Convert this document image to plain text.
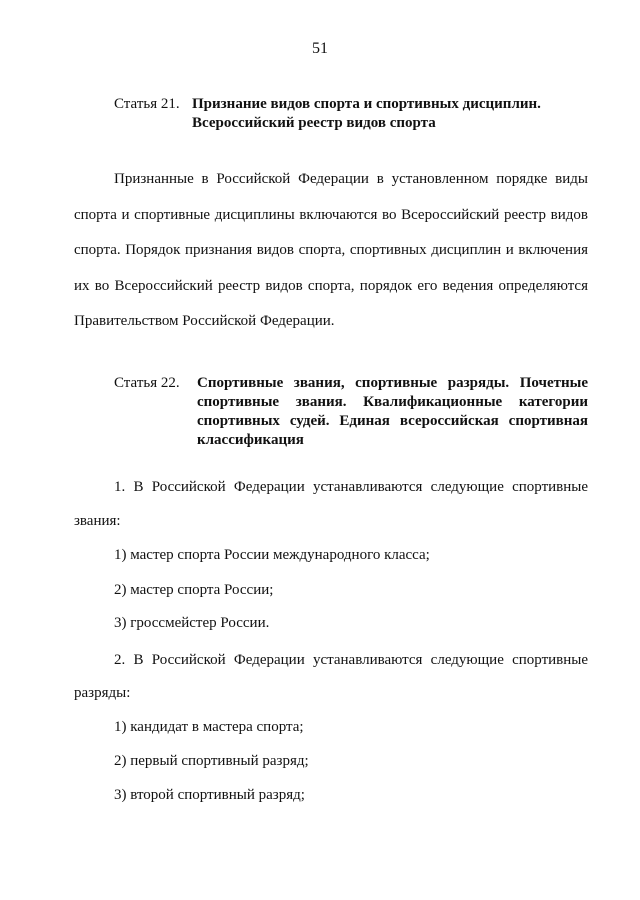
51
Статья 21. Признание видов спорта и спортивных дисциплин.
Всероссийский реестр видов спорта
Признанные в Российской Федерации в установленном порядке виды спорта и спортивные дисциплины включаются во Всероссийский реестр видов спорта. Порядок признания видов спорта, спортивных дисциплин и включения их во Всероссийский реестр видов спорта, порядок его ведения определяются Правительством Российской Федерации.
Статья 22. Спортивные звания, спортивные разряды. Почетные спортивные звания. Квалификационные категории спортивных судей. Единая всероссийская спортивная классификация
1. В Российской Федерации устанавливаются следующие спортивные
звания:
1) мастер спорта России международного класса;
2) мастер спорта России;
3) гроссмейстер России.
2. В Российской Федерации устанавливаются следующие спортивные
разряды:
1) кандидат в мастера спорта;
2) первый спортивный разряд;
3) второй спортивный разряд;
